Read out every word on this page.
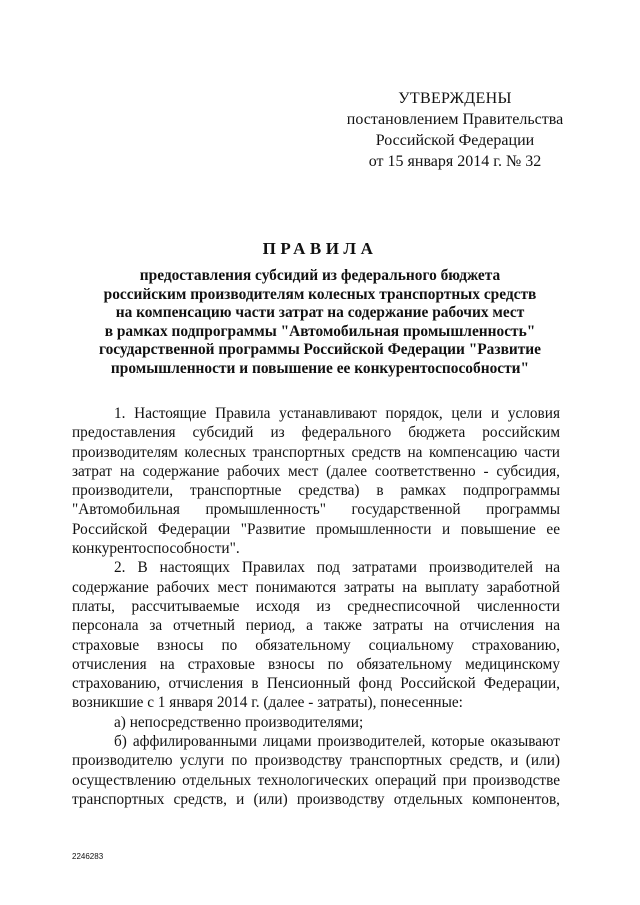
УТВЕРЖДЕНЫ
постановлением Правительства
Российской Федерации
от 15 января 2014 г. № 32
ПРАВИЛА
предоставления субсидий из федерального бюджета
российским производителям колесных транспортных средств
на компенсацию части затрат на содержание рабочих мест
в рамках подпрограммы "Автомобильная промышленность"
государственной программы Российской Федерации "Развитие
промышленности и повышение ее конкурентоспособности"
1. Настоящие Правила устанавливают порядок, цели и условия
предоставления субсидий из федерального бюджета российским
производителям колесных транспортных средств на компенсацию части
затрат на содержание рабочих мест (далее соответственно - субсидия,
производители, транспортные средства) в рамках подпрограммы
"Автомобильная промышленность" государственной программы
Российской Федерации "Развитие промышленности и повышение ее
конкурентоспособности".
2. В настоящих Правилах под затратами производителей на
содержание рабочих мест понимаются затраты на выплату заработной
платы, рассчитываемые исходя из среднесписочной численности
персонала за отчетный период, а также затраты на отчисления на
страховые взносы по обязательному социальному страхованию,
отчисления на страховые взносы по обязательному медицинскому
страхованию, отчисления в Пенсионный фонд Российской Федерации,
возникшие с 1 января 2014 г. (далее - затраты), понесенные:
а) непосредственно производителями;
б) аффилированными лицами производителей, которые оказывают
производителю услуги по производству транспортных средств, и (или)
осуществлению отдельных технологических операций при производстве
транспортных средств, и (или) производству отдельных компонентов,
2246283
